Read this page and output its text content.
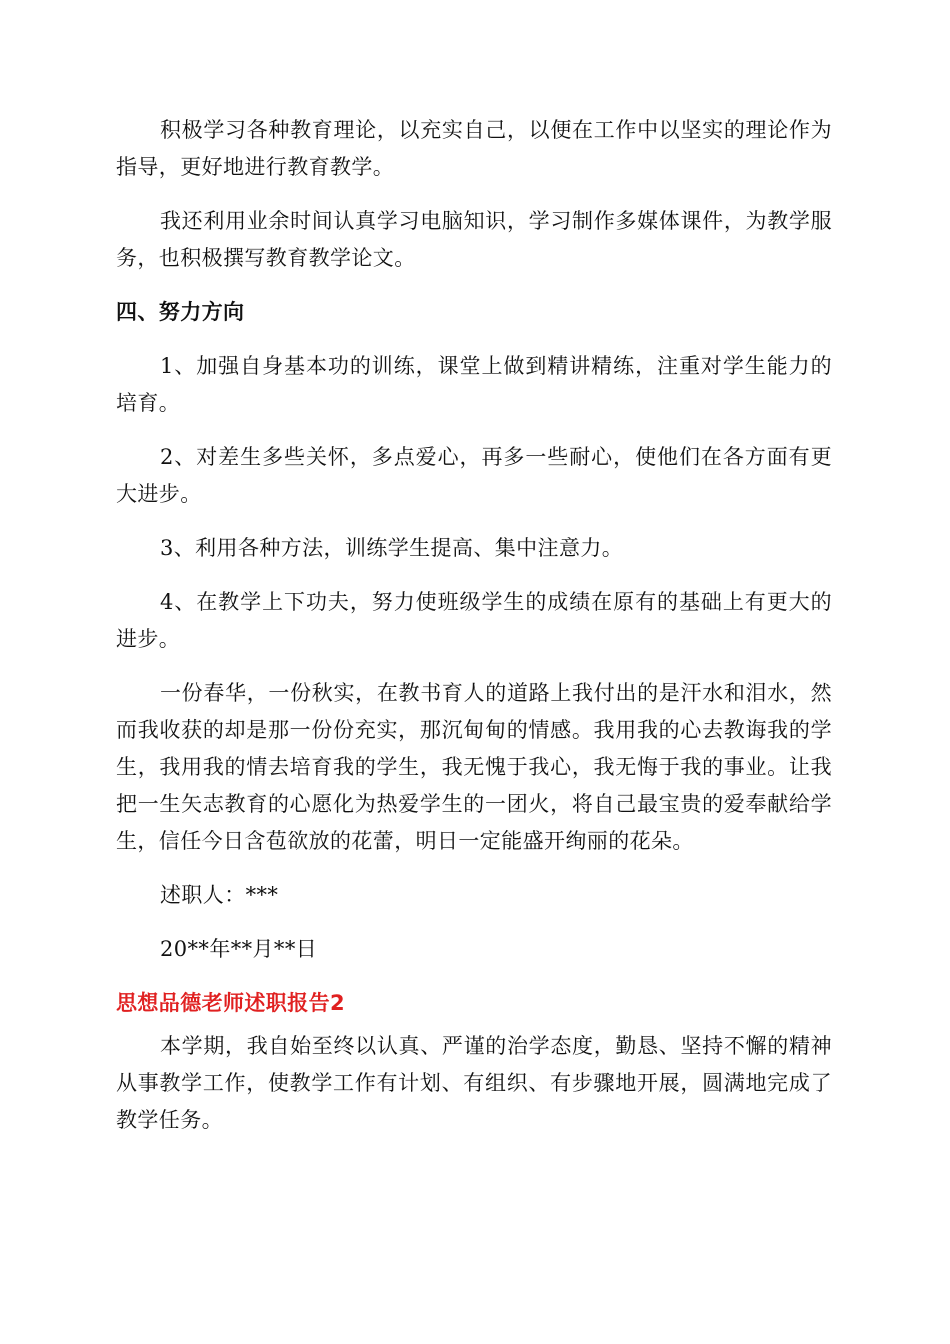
积极学习各种教育理论，以充实自己，以便在工作中以坚实的理论作为指导，更好地进行教育教学。

我还利用业余时间认真学习电脑知识，学习制作多媒体课件，为教学服务，也积极撰写教育教学论文。

四、努力方向

1、加强自身基本功的训练，课堂上做到精讲精练，注重对学生能力的培育。

2、对差生多些关怀，多点爱心，再多一些耐心，使他们在各方面有更大进步。

3、利用各种方法，训练学生提高、集中注意力。

4、在教学上下功夫，努力使班级学生的成绩在原有的基础上有更大的进步。

一份春华，一份秋实，在教书育人的道路上我付出的是汗水和泪水，然而我收获的却是那一份份充实，那沉甸甸的情感。我用我的心去教诲我的学生，我用我的情去培育我的学生，我无愧于我心，我无悔于我的事业。让我把一生矢志教育的心愿化为热爱学生的一团火，将自己最宝贵的爱奉献给学生，信任今日含苞欲放的花蕾，明日一定能盛开绚丽的花朵。

述职人：***

20**年**月**日

思想品德老师述职报告2

本学期，我自始至终以认真、严谨的治学态度，勤恳、坚持不懈的精神从事教学工作，使教学工作有计划、有组织、有步骤地开展，圆满地完成了教学任务。
